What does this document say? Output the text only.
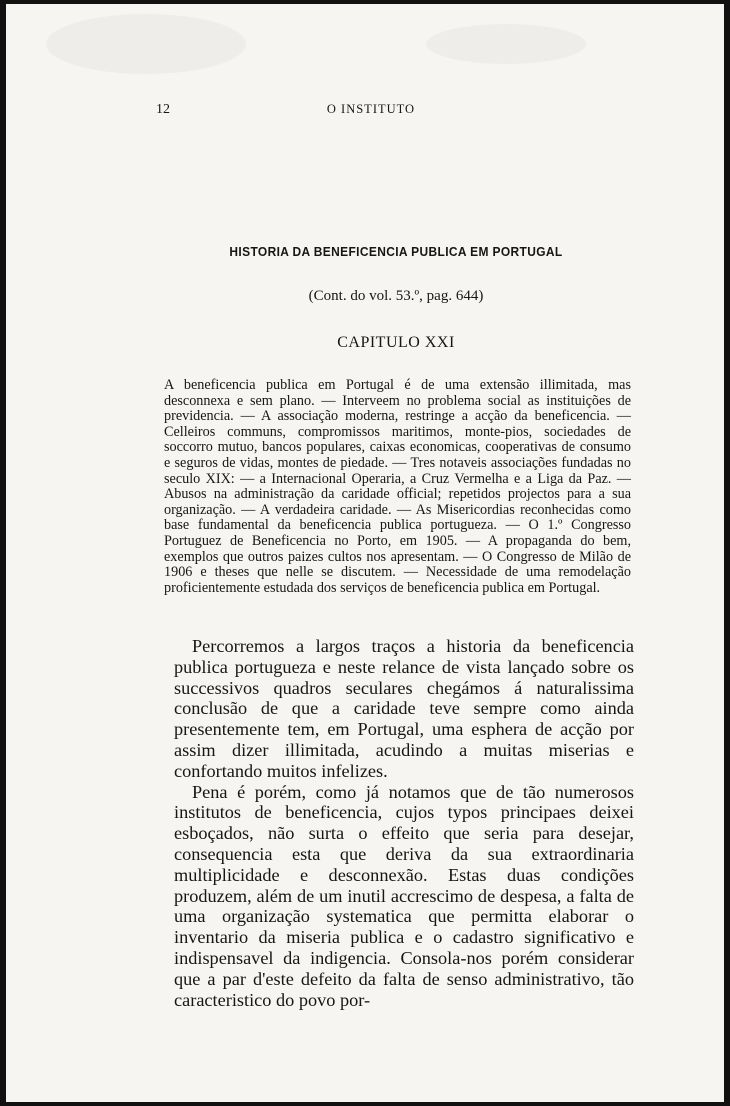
12	O INSTITUTO
HISTORIA DA BENEFICENCIA PUBLICA EM PORTUGAL
(Cont. do vol. 53.º, pag. 644)
CAPITULO XXI

A beneficencia publica em Portugal é de uma extensão illimitada, mas desconnexa e sem plano. — Interveem no problema social as instituições de previdencia. — A associação moderna, restringe a acção da beneficencia. — Celleiros communs, compromissos maritimos, monte-pios, sociedades de soccorro mutuo, bancos populares, caixas economicas, cooperativas de consumo e seguros de vidas, montes de piedade. — Tres notaveis associações fundadas no seculo XIX: — a Internacional Operaria, a Cruz Vermelha e a Liga da Paz. — Abusos na administração da caridade official; repetidos projectos para a sua organização. — A verdadeira caridade. — As Misericordias reconhecidas como base fundamental da beneficencia publica portugueza. — O 1.º Congresso Portuguez de Beneficencia no Porto, em 1905. — A propaganda do bem, exemplos que outros paizes cultos nos apresentam. — O Congresso de Milão de 1906 e theses que nelle se discutem. — Necessidade de uma remodelação proficientemente estudada dos serviços de beneficencia publica em Portugal.

Percorremos a largos traços a historia da beneficencia publica portugueza e neste relance de vista lançado sobre os successivos quadros seculares chegámos á naturalissima conclusão de que a caridade teve sempre como ainda presentemente tem, em Portugal, uma esphera de acção por assim dizer illimitada, acudindo a muitas miserias e confortando muitos infelizes.

Pena é porém, como já notamos que de tão numerosos institutos de beneficencia, cujos typos principaes deixei esboçados, não surta o effeito que seria para desejar, consequencia esta que deriva da sua extraordinaria multiplicidade e desconnexão. Estas duas condições produzem, além de um inutil accrescimo de despesa, a falta de uma organização systematica que permitta elaborar o inventario da miseria publica e o cadastro significativo e indispensavel da indigencia. Consola-nos porém considerar que a par d'este defeito da falta de senso administrativo, tão caracteristico do povo por-
